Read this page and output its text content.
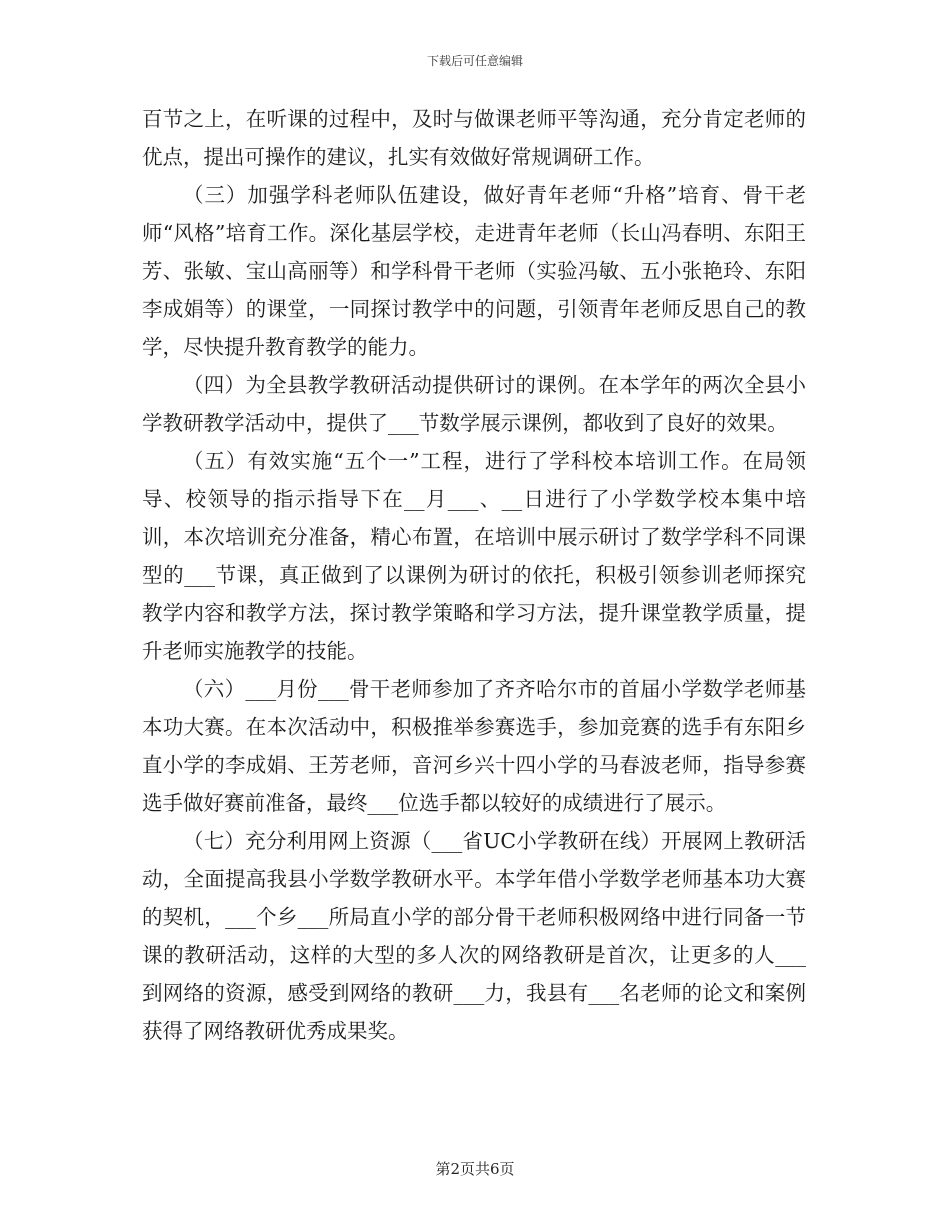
下载后可任意编辑

百节之上，在听课的过程中，及时与做课老师平等沟通，充分肯定老师的优点，提出可操作的建议，扎实有效做好常规调研工作。

（三）加强学科老师队伍建设，做好青年老师“升格”培育、骨干老师“风格”培育工作。深化基层学校，走进青年老师（长山冯春明、东阳王芳、张敏、宝山高丽等）和学科骨干老师（实验冯敏、五小张艳玲、东阳李成娟等）的课堂，一同探讨教学中的问题，引领青年老师反思自己的教学，尽快提升教育教学的能力。

（四）为全县教学教研活动提供研讨的课例。在本学年的两次全县小学教研教学活动中，提供了___节数学展示课例，都收到了良好的效果。

（五）有效实施“五个一”工程，进行了学科校本培训工作。在局领导、校领导的指示指导下在__月___、__日进行了小学数学校本集中培训，本次培训充分准备，精心布置，在培训中展示研讨了数学学科不同课型的___节课，真正做到了以课例为研讨的依托，积极引领参训老师探究教学内容和教学方法，探讨教学策略和学习方法，提升课堂教学质量，提升老师实施教学的技能。

（六）___月份___骨干老师参加了齐齐哈尔市的首届小学数学老师基本功大赛。在本次活动中，积极推举参赛选手，参加竞赛的选手有东阳乡直小学的李成娟、王芳老师，音河乡兴十四小学的马春波老师，指导参赛选手做好赛前准备，最终___位选手都以较好的成绩进行了展示。

（七）充分利用网上资源（___省UC小学教研在线）开展网上教研活动，全面提高我县小学数学教研水平。本学年借小学数学老师基本功大赛的契机，___个乡___所局直小学的部分骨干老师积极网络中进行同备一节课的教研活动，这样的大型的多人次的网络教研是首次，让更多的人___到网络的资源，感受到网络的教研___力，我县有___名老师的论文和案例获得了网络教研优秀成果奖。

第2页共6页
